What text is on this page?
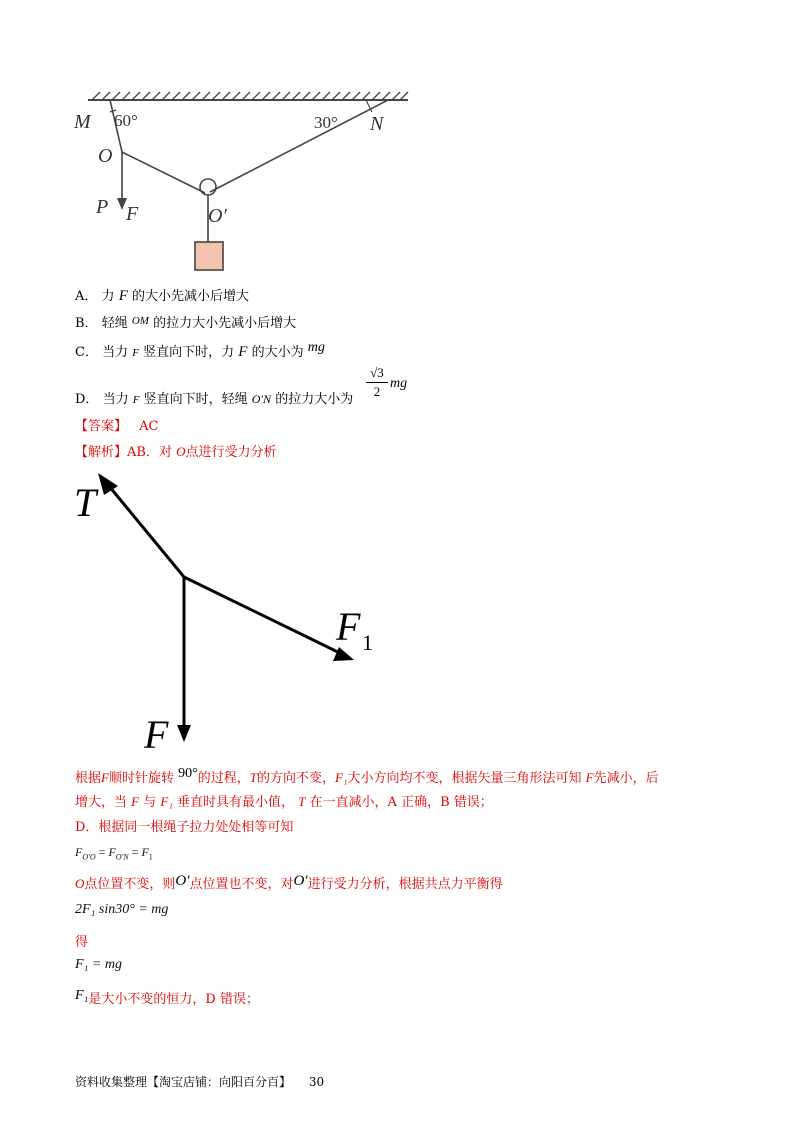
M 60°	30° N
O
O′
P F
A． 力 F 的大小先减小后增大
B． 轻绳 $^{OM}$ 的拉力大小先减小后增大
C． 当力 F 竖直向下时，力 F 的大小为 mg
D． 当力 F 竖直向下时，轻绳 O′N 的拉力大小为 $\frac{√3}{2}$ mg
【答案】 AC
【解析】AB．对 O点进行受力分析
T
F 1
F
根据F顺时针旋转 90°的过程，T的方向不变，F₁大小方向均不变，根据矢量三角形法可知 F先减小，后
增大，当 F 与 F₁ 垂直时具有最小值， T 在一直减小，A 正确，B 错误；
D．根据同一根绳子拉力处处相等可知
$F_{O'O} = F_{O'N} = F_1$
O点位置不变，则O′点位置也不变，对O′进行受力分析，根据共点力平衡得
2F₁ sin30° = mg
得
F₁ = mg
F₁是大小不变的恒力，D 错误；
资料收集整理【淘宝店铺：向阳百分百】 30
